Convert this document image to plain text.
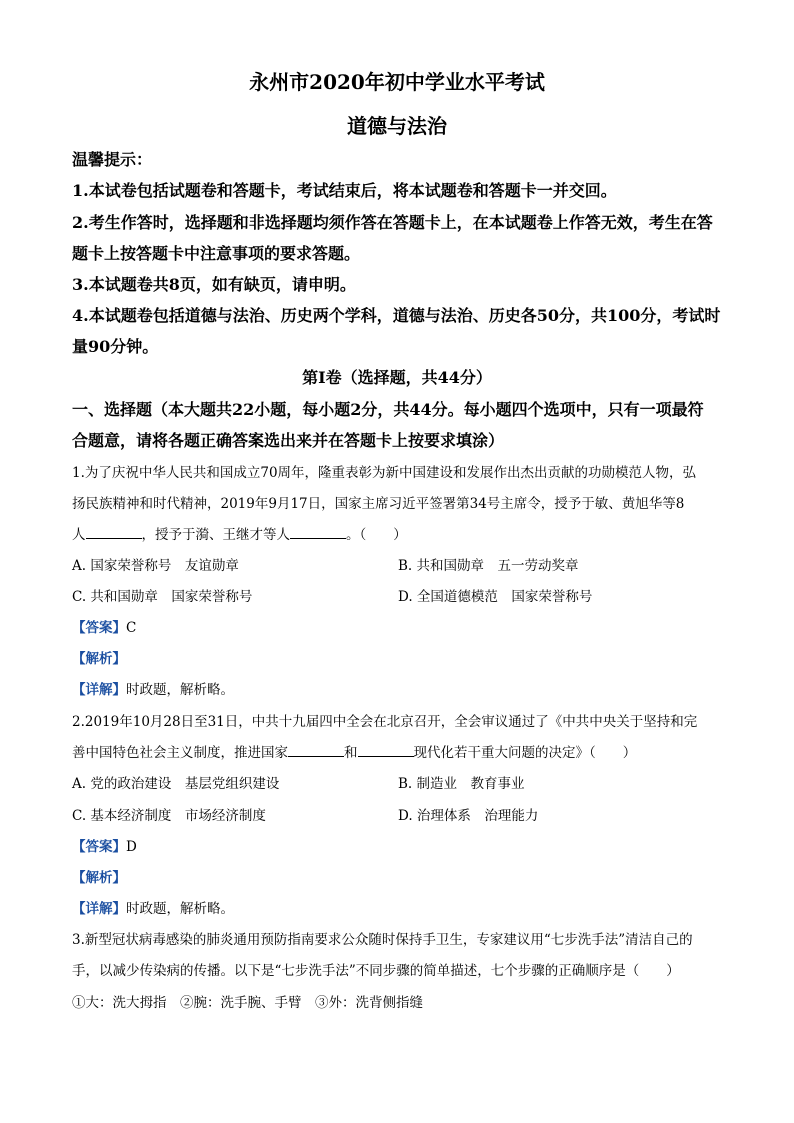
永州市2020年初中学业水平考试
道德与法治
温馨提示：
1.本试卷包括试题卷和答题卡，考试结束后，将本试题卷和答题卡一并交回。
2.考生作答时，选择题和非选择题均须作答在答题卡上，在本试题卷上作答无效，考生在答
题卡上按答题卡中注意事项的要求答题。
3.本试题卷共8页，如有缺页，请申明。
4.本试题卷包括道德与法治、历史两个学科，道德与法治、历史各50分，共100分，考试时
量90分钟。
第Ⅰ卷（选择题，共44分）
一、选择题（本大题共22小题，每小题2分，共44分。每小题四个选项中，只有一项最符
合题意，请将各题正确答案选出来并在答题卡上按要求填涂）
1.为了庆祝中华人民共和国成立70周年，隆重表彰为新中国建设和发展作出杰出贡献的功勋模范人物，弘
扬民族精神和时代精神，2019年9月17日，国家主席习近平签署第34号主席令，授予于敏、黄旭华等8
人	，授予于漪、王继才等人	。（　　）
A. 国家荣誉称号　友谊勋章	B. 共和国勋章　五一劳动奖章
C. 共和国勋章　国家荣誉称号	D. 全国道德模范　国家荣誉称号
【答案】C
【解析】
【详解】时政题，解析略。
2.2019年10月28日至31日，中共十九届四中全会在北京召开，全会审议通过了《中共中央关于坚持和完
善中国特色社会主义制度，推进国家	和	现代化若干重大问题的决定》（　　）
A. 党的政治建设　基层党组织建设	B. 制造业　教育事业
C. 基本经济制度　市场经济制度	D. 治理体系　治理能力
【答案】D
【解析】
【详解】时政题，解析略。
3.新型冠状病毒感染的肺炎通用预防指南要求公众随时保持手卫生，专家建议用“七步洗手法”清洁自己的
手，以减少传染病的传播。以下是“七步洗手法”不同步骤的简单描述，七个步骤的正确顺序是（　　）
①大：洗大拇指　②腕：洗手腕、手臂　③外：洗背侧指缝
